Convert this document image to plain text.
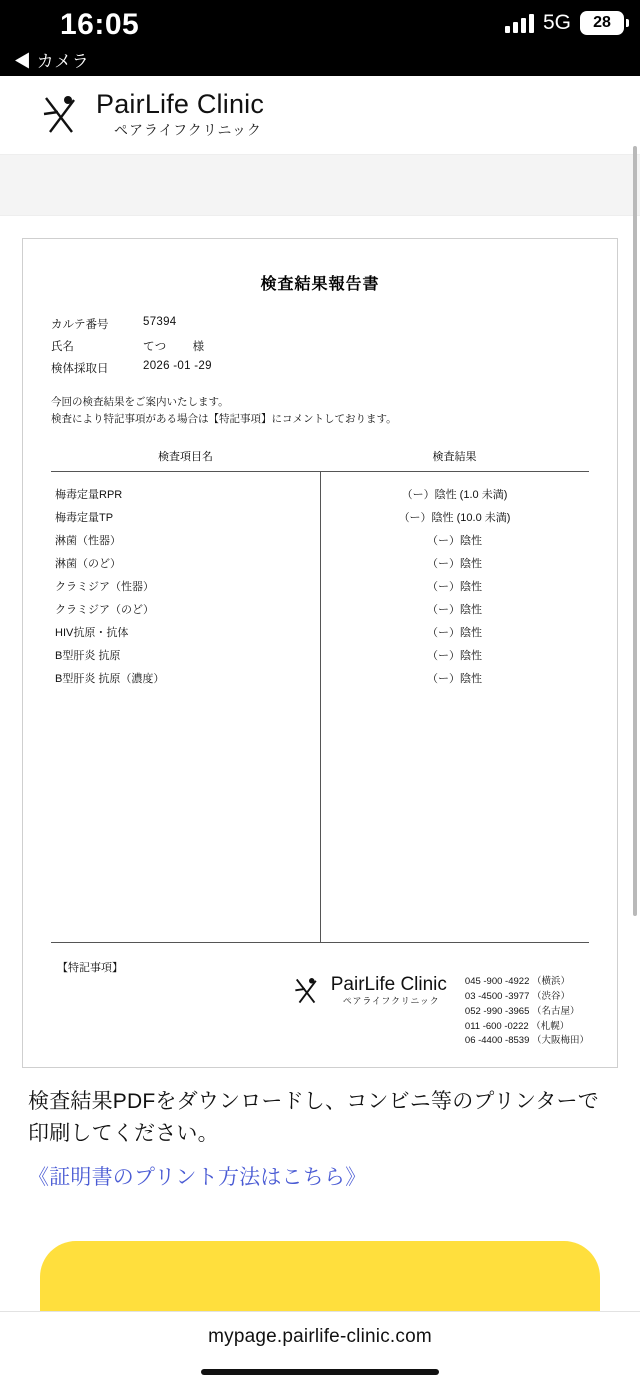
16:05
◀ カメラ
5G	28
PairLife Clinic
ペアライフクリニック
検査結果報告書
カルテ番号	57394
氏名	てつ 様
検体採取日	2026 -01 -29
今回の検査結果をご案内いたします。
検査により特記事項がある場合は【特記事項】にコメントしております。
検査項目名	検査結果
梅毒定量RPR	（ー）陰性 (1.0 未満)
梅毒定量TP	（ー）陰性 (10.0 未満)
淋菌（性器）	（ー）陰性
淋菌（のど）	（ー）陰性
クラミジア（性器）	（ー）陰性
クラミジア（のど）	（ー）陰性
HIV抗原・抗体	（ー）陰性
B型肝炎 抗原	（ー）陰性
B型肝炎 抗原（濃度）	（ー）陰性
【特記事項】
PairLife Clinic
ペアライフクリニック
045 -900 -4922 （横浜）
03 -4500 -3977 （渋谷）
052 -990 -3965 （名古屋）
011 -600 -0222 （札幌）
06 -4400 -8539 （大阪梅田）
検査結果PDFをダウンロードし、コンビニ等のプリンターで印刷してください。
《証明書のプリント方法はこちら》
mypage.pairlife-clinic.com
